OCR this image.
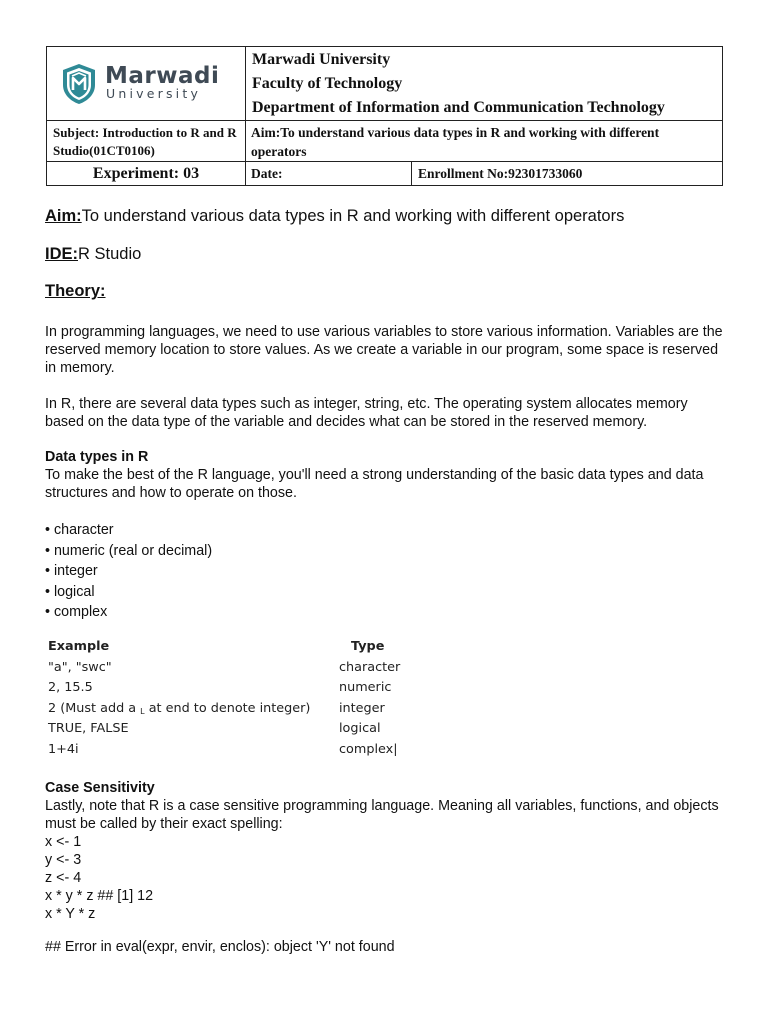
Marwadi
University
Marwadi University
Faculty of Technology
Department of Information and Communication Technology
Subject: Introduction to R and R Studio(01CT0106)
Aim:To understand various data types in R and working with different operators
Experiment: 03	Date:	Enrollment No:92301733060
Aim:To understand various data types in R and working with different operators
IDE:R Studio
Theory:
In programming languages, we need to use various variables to store various information. Variables are the reserved memory location to store values. As we create a variable in our program, some space is reserved in memory.
In R, there are several data types such as integer, string, etc. The operating system allocates memory based on the data type of the variable and decides what can be stored in the reserved memory.
Data types in R
To make the best of the R language, you'll need a strong understanding of the basic data types and data structures and how to operate on those.
• character
• numeric (real or decimal)
• integer
• logical
• complex
Example	Type
"a", "swc"	character
2, 15.5	numeric
2 (Must add a L at end to denote integer) integer
TRUE, FALSE	logical
1+4i	complex|
Case Sensitivity
Lastly, note that R is a case sensitive programming language. Meaning all variables, functions, and objects must be called by their exact spelling:
x <- 1
y <- 3
z <- 4
x * y * z ## [1] 12
x * Y * z
## Error in eval(expr, envir, enclos): object 'Y' not found
